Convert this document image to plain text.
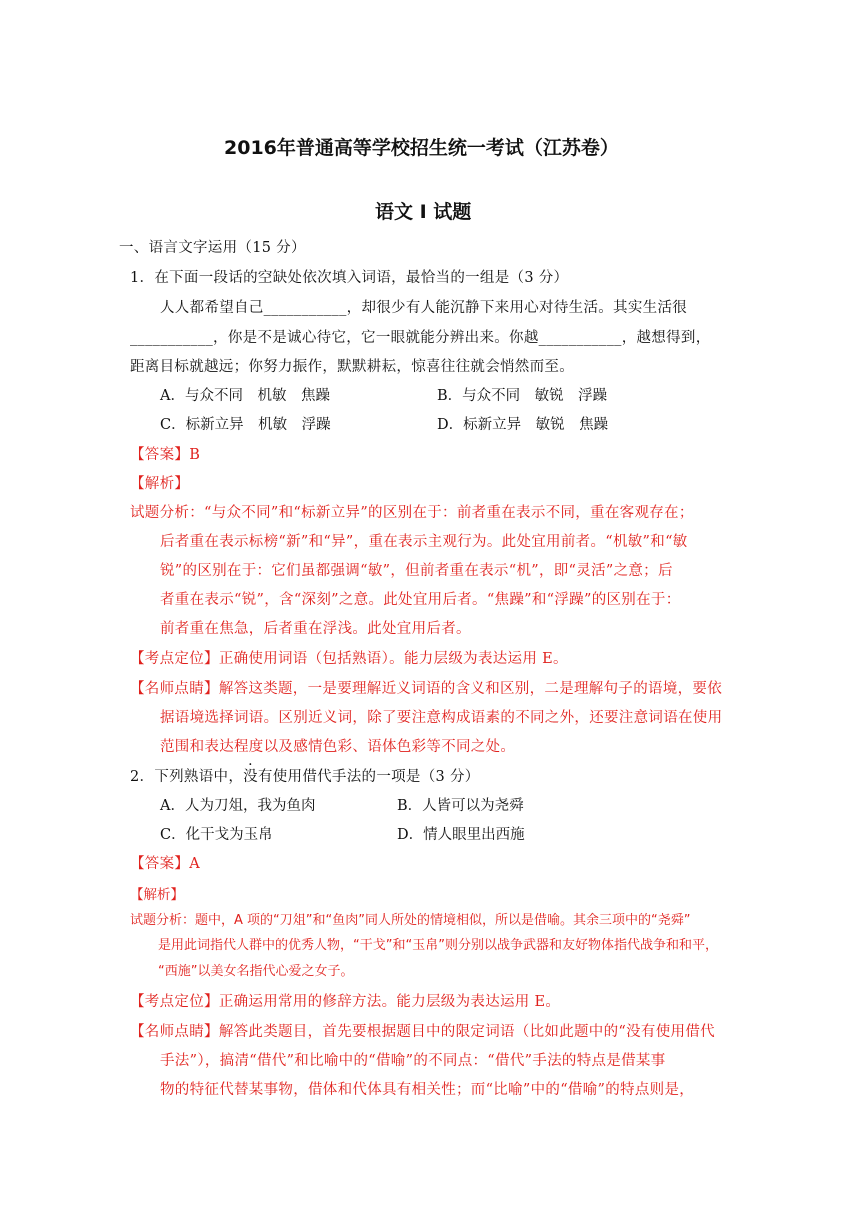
2016年普通高等学校招生统一考试（江苏卷）
语文 I 试题
一、语言文字运用（15 分）
1．在下面一段话的空缺处依次填入词语，最恰当的一组是（3 分）
人人都希望自己___________，却很少有人能沉静下来用心对待生活。其实生活很
___________，你是不是诚心待它，它一眼就能分辨出来。你越___________，越想得到，
距离目标就越远；你努力振作，默默耕耘，惊喜往往就会悄然而至。
A．与众不同　机敏　焦躁	B．与众不同　敏锐　浮躁
C．标新立异　机敏　浮躁	D．标新立异　敏锐　焦躁
【答案】B
【解析】
试题分析：“与众不同”和“标新立异”的区别在于：前者重在表示不同，重在客观存在；
后者重在表示标榜“新”和“异”，重在表示主观行为。此处宜用前者。“机敏”和“敏
锐”的区别在于：它们虽都强调“敏”，但前者重在表示“机”，即“灵活”之意；后
者重在表示“锐”，含“深刻”之意。此处宜用后者。“焦躁”和“浮躁”的区别在于：
前者重在焦急，后者重在浮浅。此处宜用后者。
【考点定位】正确使用词语（包括熟语）。能力层级为表达运用 E。
【名师点睛】解答这类题，一是要理解近义词语的含义和区别，二是理解句子的语境，要依
据语境选择词语。区别近义词，除了要注意构成语素的不同之外，还要注意词语在使用
范围和表达程度以及感情色彩、语体色彩等不同之处。
2．下列熟语中，没有使用借代手法的一项是（3 分）
A．人为刀俎，我为鱼肉	B．人皆可以为尧舜
C．化干戈为玉帛	D．情人眼里出西施
【答案】A
【解析】
试题分析：题中，A 项的“刀俎”和“鱼肉”同人所处的情境相似，所以是借喻。其余三项中的“尧舜”
是用此词指代人群中的优秀人物，“干戈”和“玉帛”则分别以战争武器和友好物体指代战争和和平，
“西施”以美女名指代心爱之女子。
【考点定位】正确运用常用的修辞方法。能力层级为表达运用 E。
【名师点睛】解答此类题目，首先要根据题目中的限定词语（比如此题中的“没有使用借代
手法”），搞清“借代”和比喻中的“借喻”的不同点：“借代”手法的特点是借某事
物的特征代替某事物，借体和代体具有相关性；而“比喻”中的“借喻”的特点则是，
